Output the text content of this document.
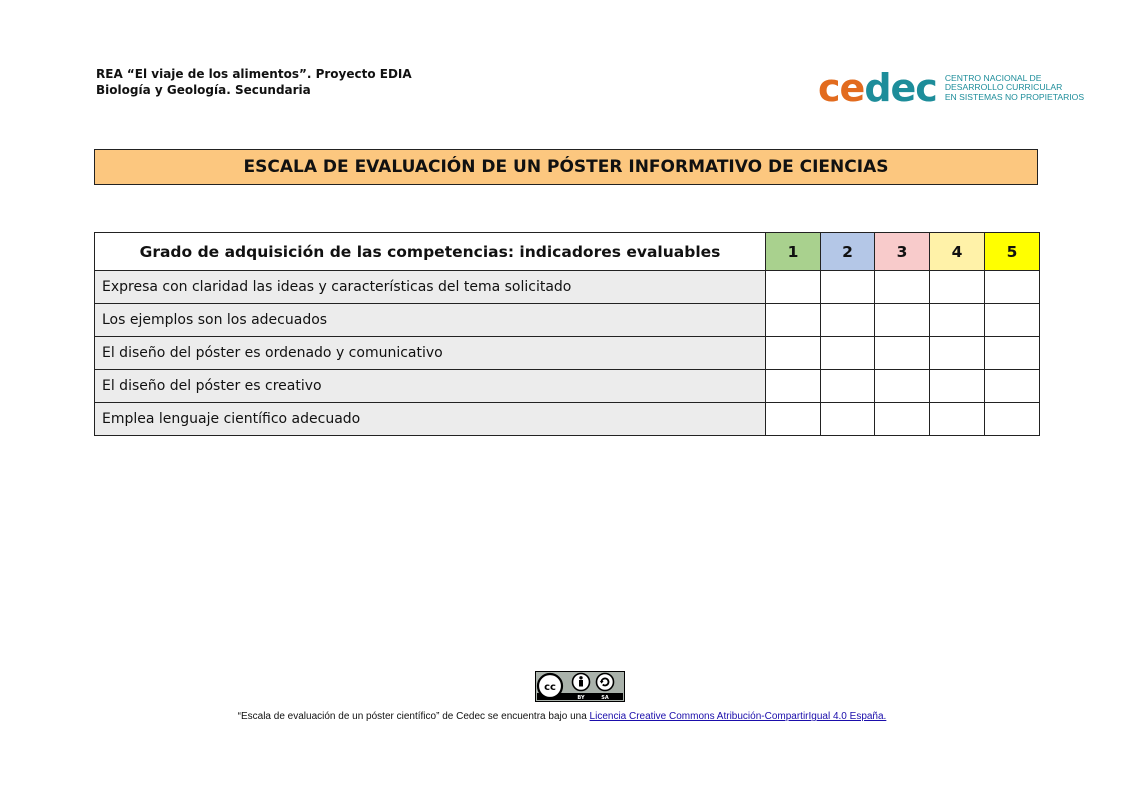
REA “El viaje de los alimentos”. Proyecto EDIA
Biología y Geología. Secundaria	cedec CENTRO NACIONAL DE
DESARROLLO CURRICULAR
EN SISTEMAS NO PROPIETARIOS
ESCALA DE EVALUACIÓN DE UN PÓSTER INFORMATIVO DE CIENCIAS
Grado de adquisición de las competencias: indicadores evaluables	1	2	3	4	5
Expresa con claridad las ideas y características del tema solicitado					
Los ejemplos son los adecuados					
El diseño del póster es ordenado y comunicativo					
El diseño del póster es creativo					
Emplea lenguaje científico adecuado					
cc
BY	SA
“Escala de evaluación de un póster científico” de Cedec se encuentra bajo una Licencia Creative Commons Atribución-CompartirIgual 4.0 España.
